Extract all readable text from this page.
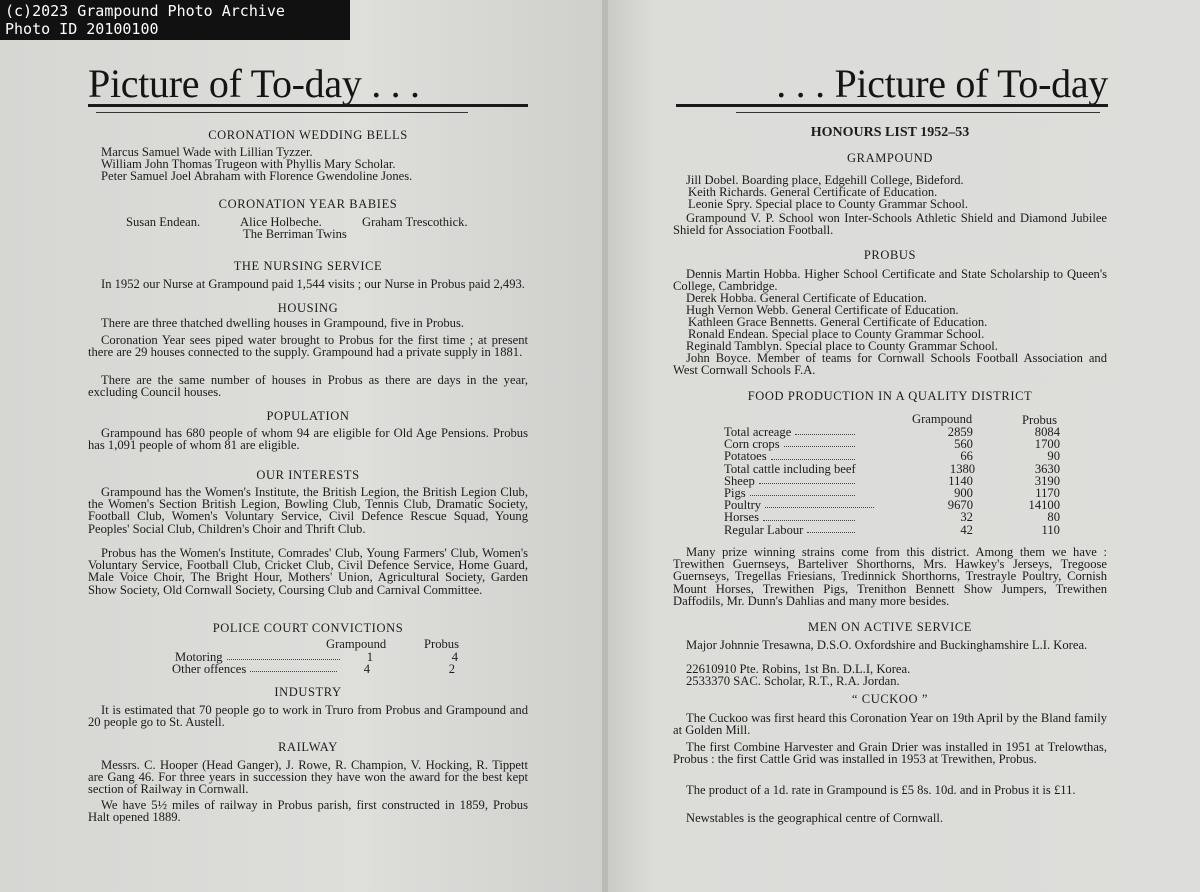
(c)2023 Grampound Photo Archive
Photo ID 20100100
Picture of To-day . . .
CORONATION WEDDING BELLS
Marcus Samuel Wade with Lillian Tyzzer.
William John Thomas Trugeon with Phyllis Mary Scholar.
Peter Samuel Joel Abraham with Florence Gwendoline Jones.
CORONATION YEAR BABIES
Susan Endean.	Alice Holbeche.	Graham Trescothick.
The Berriman Twins
THE NURSING SERVICE
In 1952 our Nurse at Grampound paid 1,544 visits ; our Nurse in Probus paid 2,493.
HOUSING
There are three thatched dwelling houses in Grampound, five in Probus.
Coronation Year sees piped water brought to Probus for the first time ; at present there are 29 houses connected to the supply. Grampound had a private supply in 1881.
There are the same number of houses in Probus as there are days in the year, excluding Council houses.
POPULATION
Grampound has 680 people of whom 94 are eligible for Old Age Pensions. Probus has 1,091 people of whom 81 are eligible.
OUR INTERESTS
Grampound has the Women's Institute, the British Legion, the British Legion Club, the Women's Section British Legion, Bowling Club, Tennis Club, Dramatic Society, Football Club, Women's Voluntary Service, Civil Defence Rescue Squad, Young Peoples' Social Club, Children's Choir and Thrift Club.
Probus has the Women's Institute, Comrades' Club, Young Farmers' Club, Women's Voluntary Service, Football Club, Cricket Club, Civil Defence Service, Home Guard, Male Voice Choir, The Bright Hour, Mothers' Union, Agricultural Society, Garden Show Society, Old Cornwall Society, Coursing Club and Carnival Committee.
POLICE COURT CONVICTIONS
Grampound	Probus
Motoring	1	4
Other offences	4	2
INDUSTRY
It is estimated that 70 people go to work in Truro from Probus and Grampound and 20 people go to St. Austell.
RAILWAY
Messrs. C. Hooper (Head Ganger), J. Rowe, R. Champion, V. Hocking, R. Tippett are Gang 46. For three years in succession they have won the award for the best kept section of Railway in Cornwall.
We have 5½ miles of railway in Probus parish, first constructed in 1859, Probus Halt opened 1889.
. . . Picture of To-day
HONOURS LIST 1952–53
GRAMPOUND
Jill Dobel. Boarding place, Edgehill College, Bideford.
Keith Richards. General Certificate of Education.
Leonie Spry. Special place to County Grammar School.
Grampound V. P. School won Inter-Schools Athletic Shield and Diamond Jubilee Shield for Association Football.
PROBUS
Dennis Martin Hobba. Higher School Certificate and State Scholarship to Queen's College, Cambridge.
Derek Hobba. General Certificate of Education.
Hugh Vernon Webb. General Certificate of Education.
Kathleen Grace Bennetts. General Certificate of Education.
Ronald Endean. Special place to County Grammar School.
Reginald Tamblyn. Special place to County Grammar School.
John Boyce. Member of teams for Cornwall Schools Football Association and West Cornwall Schools F.A.
FOOD PRODUCTION IN A QUALITY DISTRICT
Grampound	Probus
Total acreage	2859	8084
Corn crops	560	1700
Potatoes	66	90
Total cattle including beef	1380	3630
Sheep	1140	3190
Pigs	900	1170
Poultry	9670	14100
Horses	32	80
Regular Labour	42	110
Many prize winning strains come from this district. Among them we have : Trewithen Guernseys, Barteliver Shorthorns, Mrs. Hawkey's Jerseys, Tregoose Guernseys, Tregellas Friesians, Tredinnick Shorthorns, Trestrayle Poultry, Cornish Mount Horses, Trewithen Pigs, Trenithon Bennett Show Jumpers, Trewithen Daffodils, Mr. Dunn's Dahlias and many more besides.
MEN ON ACTIVE SERVICE
Major Johnnie Tresawna, D.S.O. Oxfordshire and Buckinghamshire L.I. Korea.
22610910 Pte. Robins, 1st Bn. D.L.I, Korea.
2533370 SAC. Scholar, R.T., R.A. Jordan.
“ CUCKOO ”
The Cuckoo was first heard this Coronation Year on 19th April by the Bland family at Golden Mill.
The first Combine Harvester and Grain Drier was installed in 1951 at Trelowthas, Probus : the first Cattle Grid was installed in 1953 at Trewithen, Probus.
The product of a 1d. rate in Grampound is £5 8s. 10d. and in Probus it is £11.
Newstables is the geographical centre of Cornwall.
